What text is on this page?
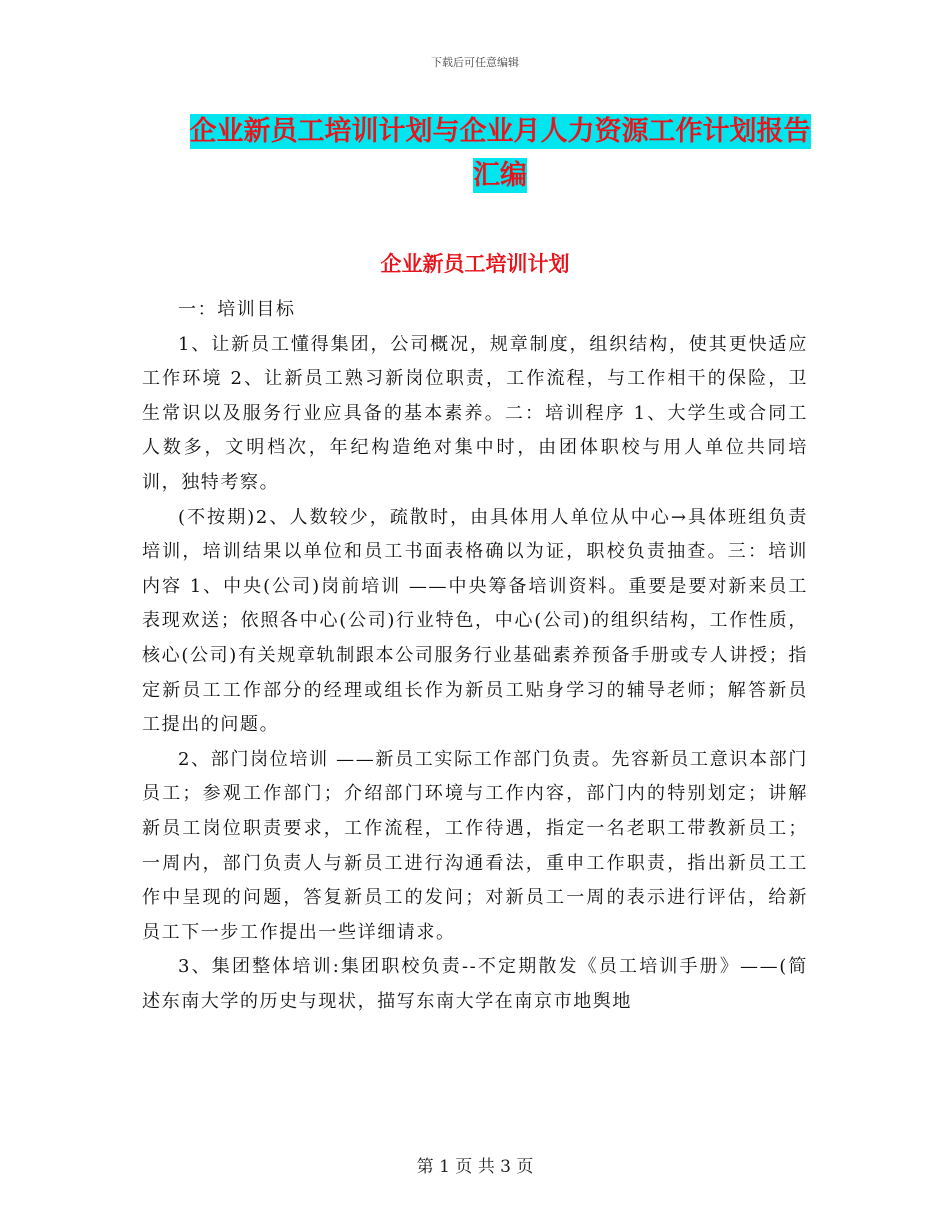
下载后可任意编辑
企业新员工培训计划与企业月人力资源工作计划报告
汇编
企业新员工培训计划

一：培训目标

1、让新员工懂得集团，公司概况，规章制度，组织结构，使其更快适应工作环境 2、让新员工熟习新岗位职责，工作流程，与工作相干的保险，卫生常识以及服务行业应具备的基本素养。二：培训程序 1、大学生或合同工人数多，文明档次，年纪构造绝对集中时，由团体职校与用人单位共同培训，独特考察。

(不按期)2、人数较少，疏散时，由具体用人单位从中心→具体班组负责培训，培训结果以单位和员工书面表格确以为证，职校负责抽查。三：培训内容 1、中央(公司)岗前培训 ——中央筹备培训资料。重要是要对新来员工表现欢送；依照各中心(公司)行业特色，中心(公司)的组织结构，工作性质，核心(公司)有关规章轨制跟本公司服务行业基础素养预备手册或专人讲授；指定新员工工作部分的经理或组长作为新员工贴身学习的辅导老师；解答新员工提出的问题。

2、部门岗位培训 ——新员工实际工作部门负责。先容新员工意识本部门员工；参观工作部门；介绍部门环境与工作内容，部门内的特别划定；讲解新员工岗位职责要求，工作流程，工作待遇，指定一名老职工带教新员工；一周内，部门负责人与新员工进行沟通看法，重申工作职责，指出新员工工作中呈现的问题，答复新员工的发问；对新员工一周的表示进行评估，给新员工下一步工作提出一些详细请求。

3、集团整体培训:集团职校负责--不定期散发《员工培训手册》——(简述东南大学的历史与现状，描写东南大学在南京市地舆地

第 1 页 共 3 页
